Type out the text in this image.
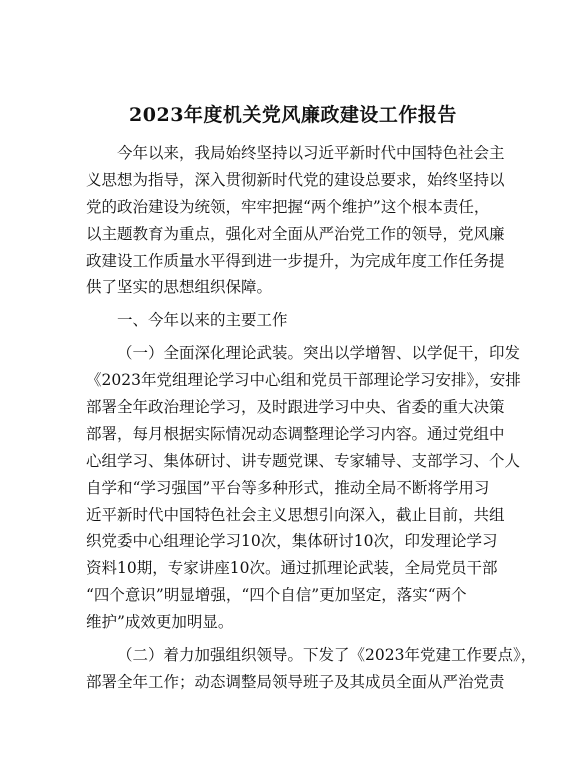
2023年度机关党风廉政建设工作报告
今年以来，我局始终坚持以习近平新时代中国特色社会主
义思想为指导，深入贯彻新时代党的建设总要求，始终坚持以
党的政治建设为统领，牢牢把握“两个维护”这个根本责任，
以主题教育为重点，强化对全面从严治党工作的领导，党风廉
政建设工作质量水平得到进一步提升，为完成年度工作任务提
供了坚实的思想组织保障。
一、今年以来的主要工作
（一）全面深化理论武装。突出以学增智、以学促干，印发
《2023年党组理论学习中心组和党员干部理论学习安排》，安排
部署全年政治理论学习，及时跟进学习中央、省委的重大决策
部署，每月根据实际情况动态调整理论学习内容。通过党组中
心组学习、集体研讨、讲专题党课、专家辅导、支部学习、个人
自学和“学习强国”平台等多种形式，推动全局不断将学用习
近平新时代中国特色社会主义思想引向深入，截止目前，共组
织党委中心组理论学习10次，集体研讨10次，印发理论学习
资料10期，专家讲座10次。通过抓理论武装，全局党员干部
“四个意识”明显增强，“四个自信”更加坚定，落实“两个
维护”成效更加明显。
（二）着力加强组织领导。下发了《2023年党建工作要点》，
部署全年工作；动态调整局领导班子及其成员全面从严治党责
